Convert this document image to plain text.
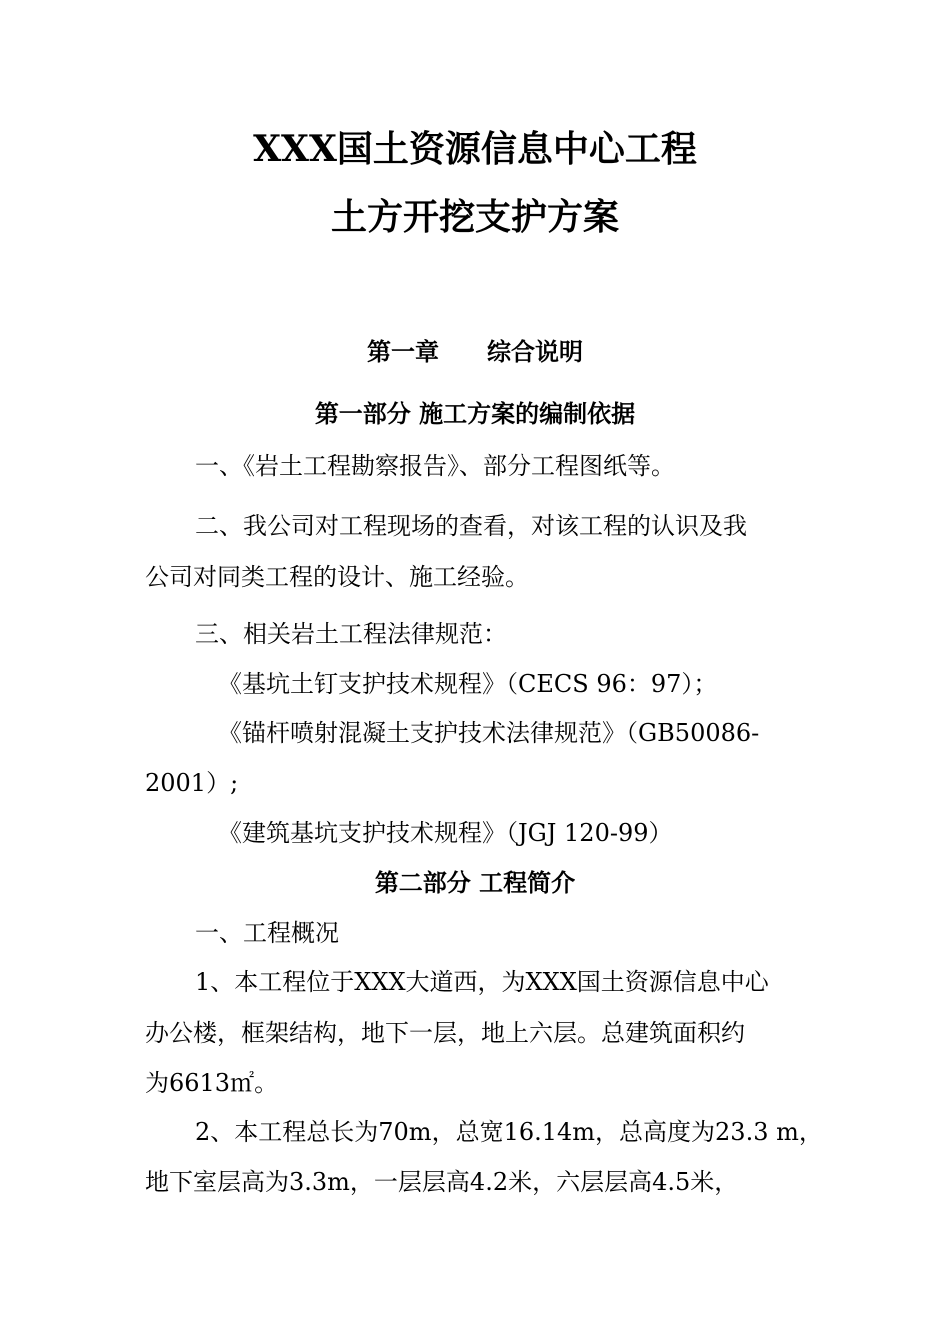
XXX国土资源信息中心工程
土方开挖支护方案
第一章 综合说明
第一部分 施工方案的编制依据
一、《岩土工程勘察报告》、部分工程图纸等。
二、我公司对工程现场的查看，对该工程的认识及我
公司对同类工程的设计、施工经验。
三、相关岩土工程法律规范：
《基坑土钉支护技术规程》（CECS 96：97）；
《锚杆喷射混凝土支护技术法律规范》（GB50086-
2001）;
《建筑基坑支护技术规程》（JGJ 120-99）
第二部分 工程简介
一、工程概况
1、本工程位于XXX大道西，为XXX国土资源信息中心
办公楼，框架结构，地下一层，地上六层。总建筑面积约
为6613㎡。
2、本工程总长为70m，总宽16.14m，总高度为23.3 m，
地下室层高为3.3m，一层层高4.2米，六层层高4.5米，
